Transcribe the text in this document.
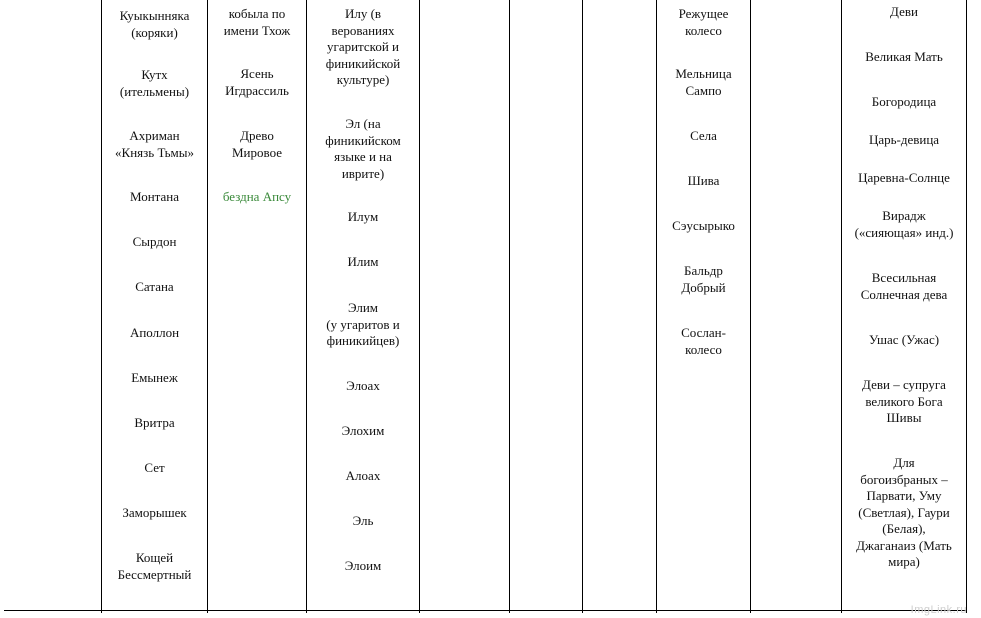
Куыкынняка
(коряки)
Кутх
(ительмены)
Ахриман
«Князь Тьмы»
Монтана
Сырдон
Сатана
Аполлон
Емынеж
Вритра
Сет
Заморышек
Кощей
Бессмертный
кобыла по
имени Тхож
Ясень
Игдрассиль
Древо
Мировое
бездна Апсу
Илу (в
верованиях
угаритской и
финикийской
культуре)
Эл (на
финикийском
языке и на
иврите)
Илум
Илим
Элим
(у угаритов и
финикийцев)
Элоах
Элохим
Алоах
Эль
Элоим
Режущее
колесо
Мельница
Сампо
Села
Шива
Сэусырыко
Бальдр
Добрый
Сослан-
колесо
Деви
Великая Мать
Богородица
Царь-девица
Царевна-Солнце
Вирадж
(«сияющая» инд.)
Всесильная
Солнечная дева
Ушас (Ужас)
Деви – супруга
великого Бога
Шивы
Для
богоизбраных –
Парвати, Уму
(Светлая), Гаури
(Белая),
Джаганаиз (Мать
мира)
ImgLink.ru
